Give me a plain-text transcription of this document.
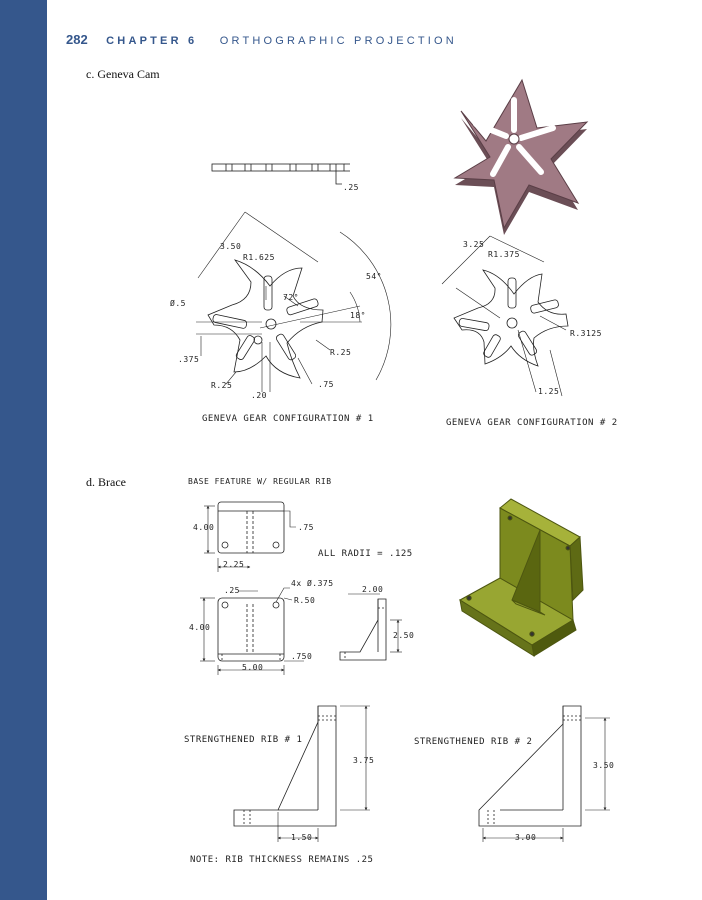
282 CHAPTER 6 ORTHOGRAPHIC PROJECTION
c. Geneva Cam
d. Brace
.25
3.50
R1.625
72°
54°
18°
Ø.5
R.25
R.25
.375
.20
.75
GENEVA GEAR CONFIGURATION # 1
3.25
R1.375
R.3125
1.25
GENEVA GEAR CONFIGURATION # 2
4.00	.75
2.25
ALL RADII = .125
BASE FEATURE W/ REGULAR RIB
.25
4x Ø.375
R.50
4.00
5.00
.750
2.00
2.50
3.75
1.50
STRENGTHENED RIB # 1
3.50
3.00
STRENGTHENED RIB # 2
NOTE: RIB THICKNESS REMAINS .25
